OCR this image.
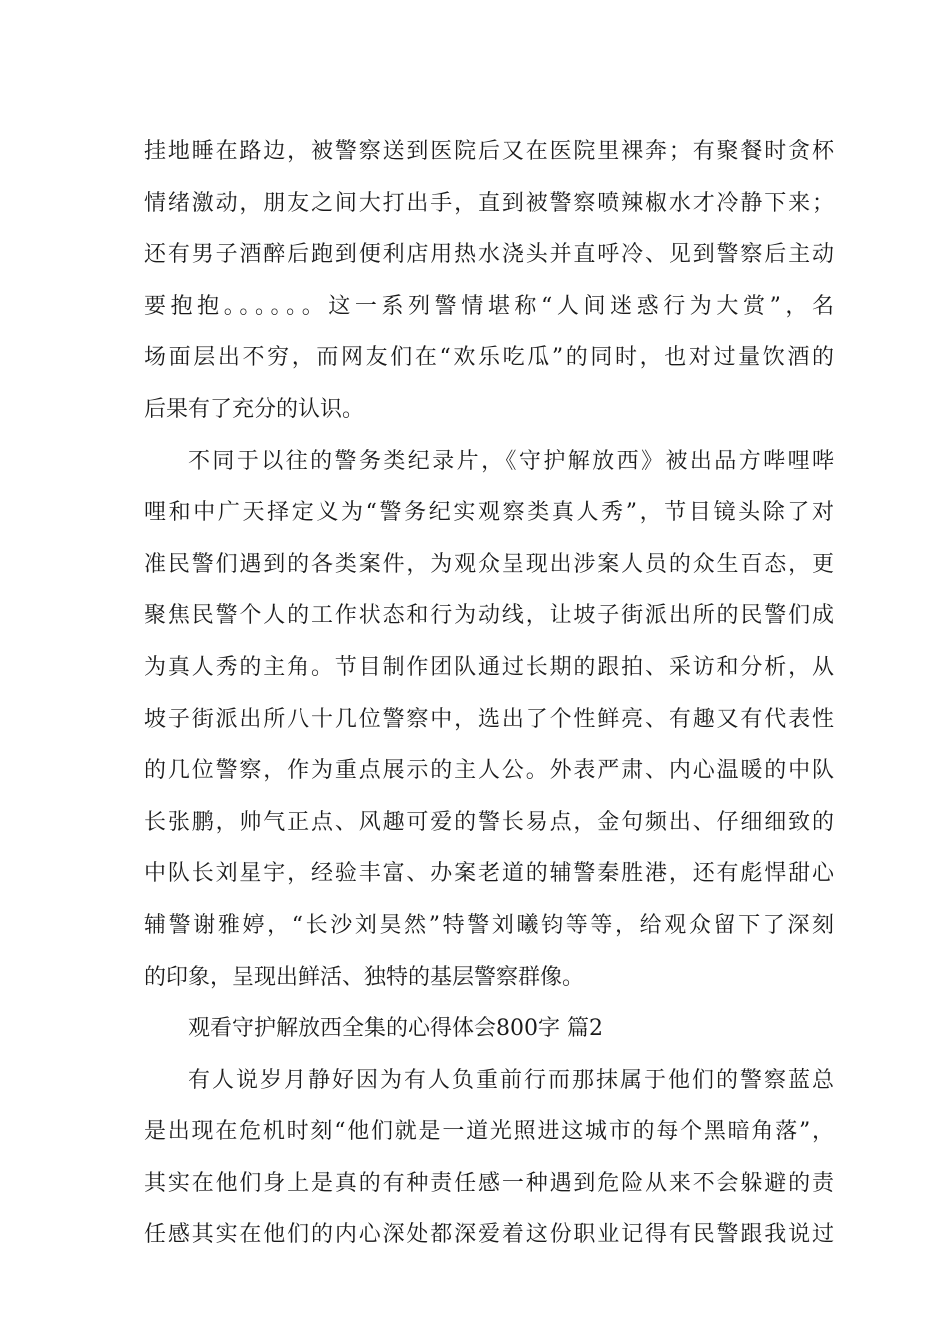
挂地睡在路边，被警察送到医院后又在医院里裸奔；有聚餐时贪杯
情绪激动，朋友之间大打出手，直到被警察喷辣椒水才冷静下来；
还有男子酒醉后跑到便利店用热水浇头并直呼冷、见到警察后主动
要抱抱。。。。。。这一系列警情堪称“人间迷惑行为大赏”，名
场面层出不穷，而网友们在“欢乐吃瓜”的同时，也对过量饮酒的
后果有了充分的认识。
不同于以往的警务类纪录片，《守护解放西》被出品方哔哩哔
哩和中广天择定义为“警务纪实观察类真人秀”，节目镜头除了对
准民警们遇到的各类案件，为观众呈现出涉案人员的众生百态，更
聚焦民警个人的工作状态和行为动线，让坡子街派出所的民警们成
为真人秀的主角。节目制作团队通过长期的跟拍、采访和分析，从
坡子街派出所八十几位警察中，选出了个性鲜亮、有趣又有代表性
的几位警察，作为重点展示的主人公。外表严肃、内心温暖的中队
长张鹏，帅气正点、风趣可爱的警长易点，金句频出、仔细细致的
中队长刘星宇，经验丰富、办案老道的辅警秦胜港，还有彪悍甜心
辅警谢雅婷，“长沙刘昊然”特警刘曦钧等等，给观众留下了深刻
的印象，呈现出鲜活、独特的基层警察群像。
观看守护解放西全集的心得体会800字 篇2
有人说岁月静好因为有人负重前行而那抹属于他们的警察蓝总
是出现在危机时刻“他们就是一道光照进这城市的每个黑暗角落”，
其实在他们身上是真的有种责任感一种遇到危险从来不会躲避的责
任感其实在他们的内心深处都深爱着这份职业记得有民警跟我说过
